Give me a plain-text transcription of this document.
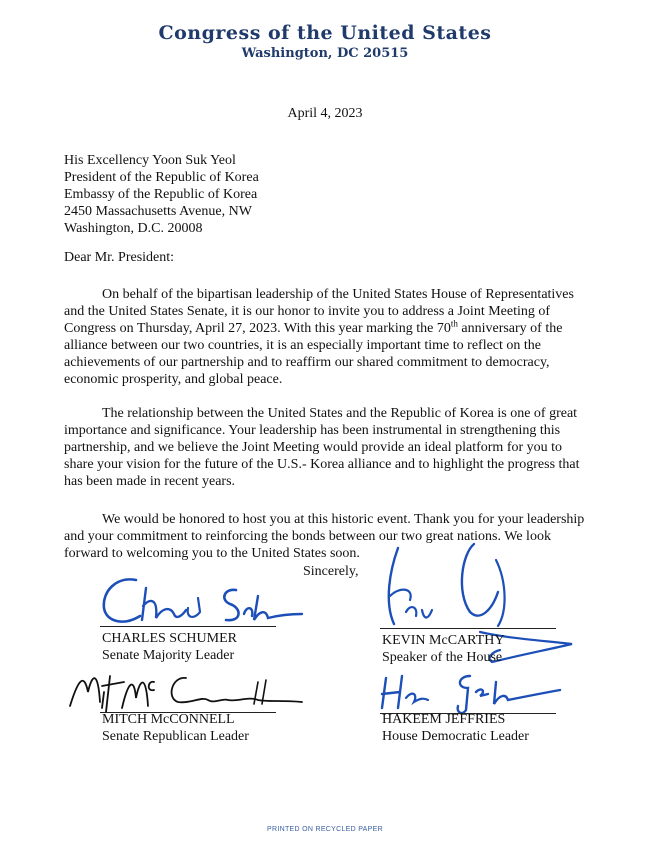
Congress of the United States
Washington, DC 20515
April 4, 2023
His Excellency Yoon Suk Yeol
President of the Republic of Korea
Embassy of the Republic of Korea
2450 Massachusetts Avenue, NW
Washington, D.C. 20008
Dear Mr. President:
On behalf of the bipartisan leadership of the United States House of Representatives and the United States Senate, it is our honor to invite you to address a Joint Meeting of Congress on Thursday, April 27, 2023. With this year marking the 70th anniversary of the alliance between our two countries, it is an especially important time to reflect on the achievements of our partnership and to reaffirm our shared commitment to democracy, economic prosperity, and global peace.
The relationship between the United States and the Republic of Korea is one of great importance and significance. Your leadership has been instrumental in strengthening this partnership, and we believe the Joint Meeting would provide an ideal platform for you to share your vision for the future of the U.S.- Korea alliance and to highlight the progress that has been made in recent years.
We would be honored to host you at this historic event. Thank you for your leadership and your commitment to reinforcing the bonds between our two great nations. We look forward to welcoming you to the United States soon.
Sincerely,
CHARLES SCHUMER
Senate Majority Leader
KEVIN McCARTHY
Speaker of the House
MITCH McCONNELL
Senate Republican Leader
HAKEEM JEFFRIES
House Democratic Leader
PRINTED ON RECYCLED PAPER
